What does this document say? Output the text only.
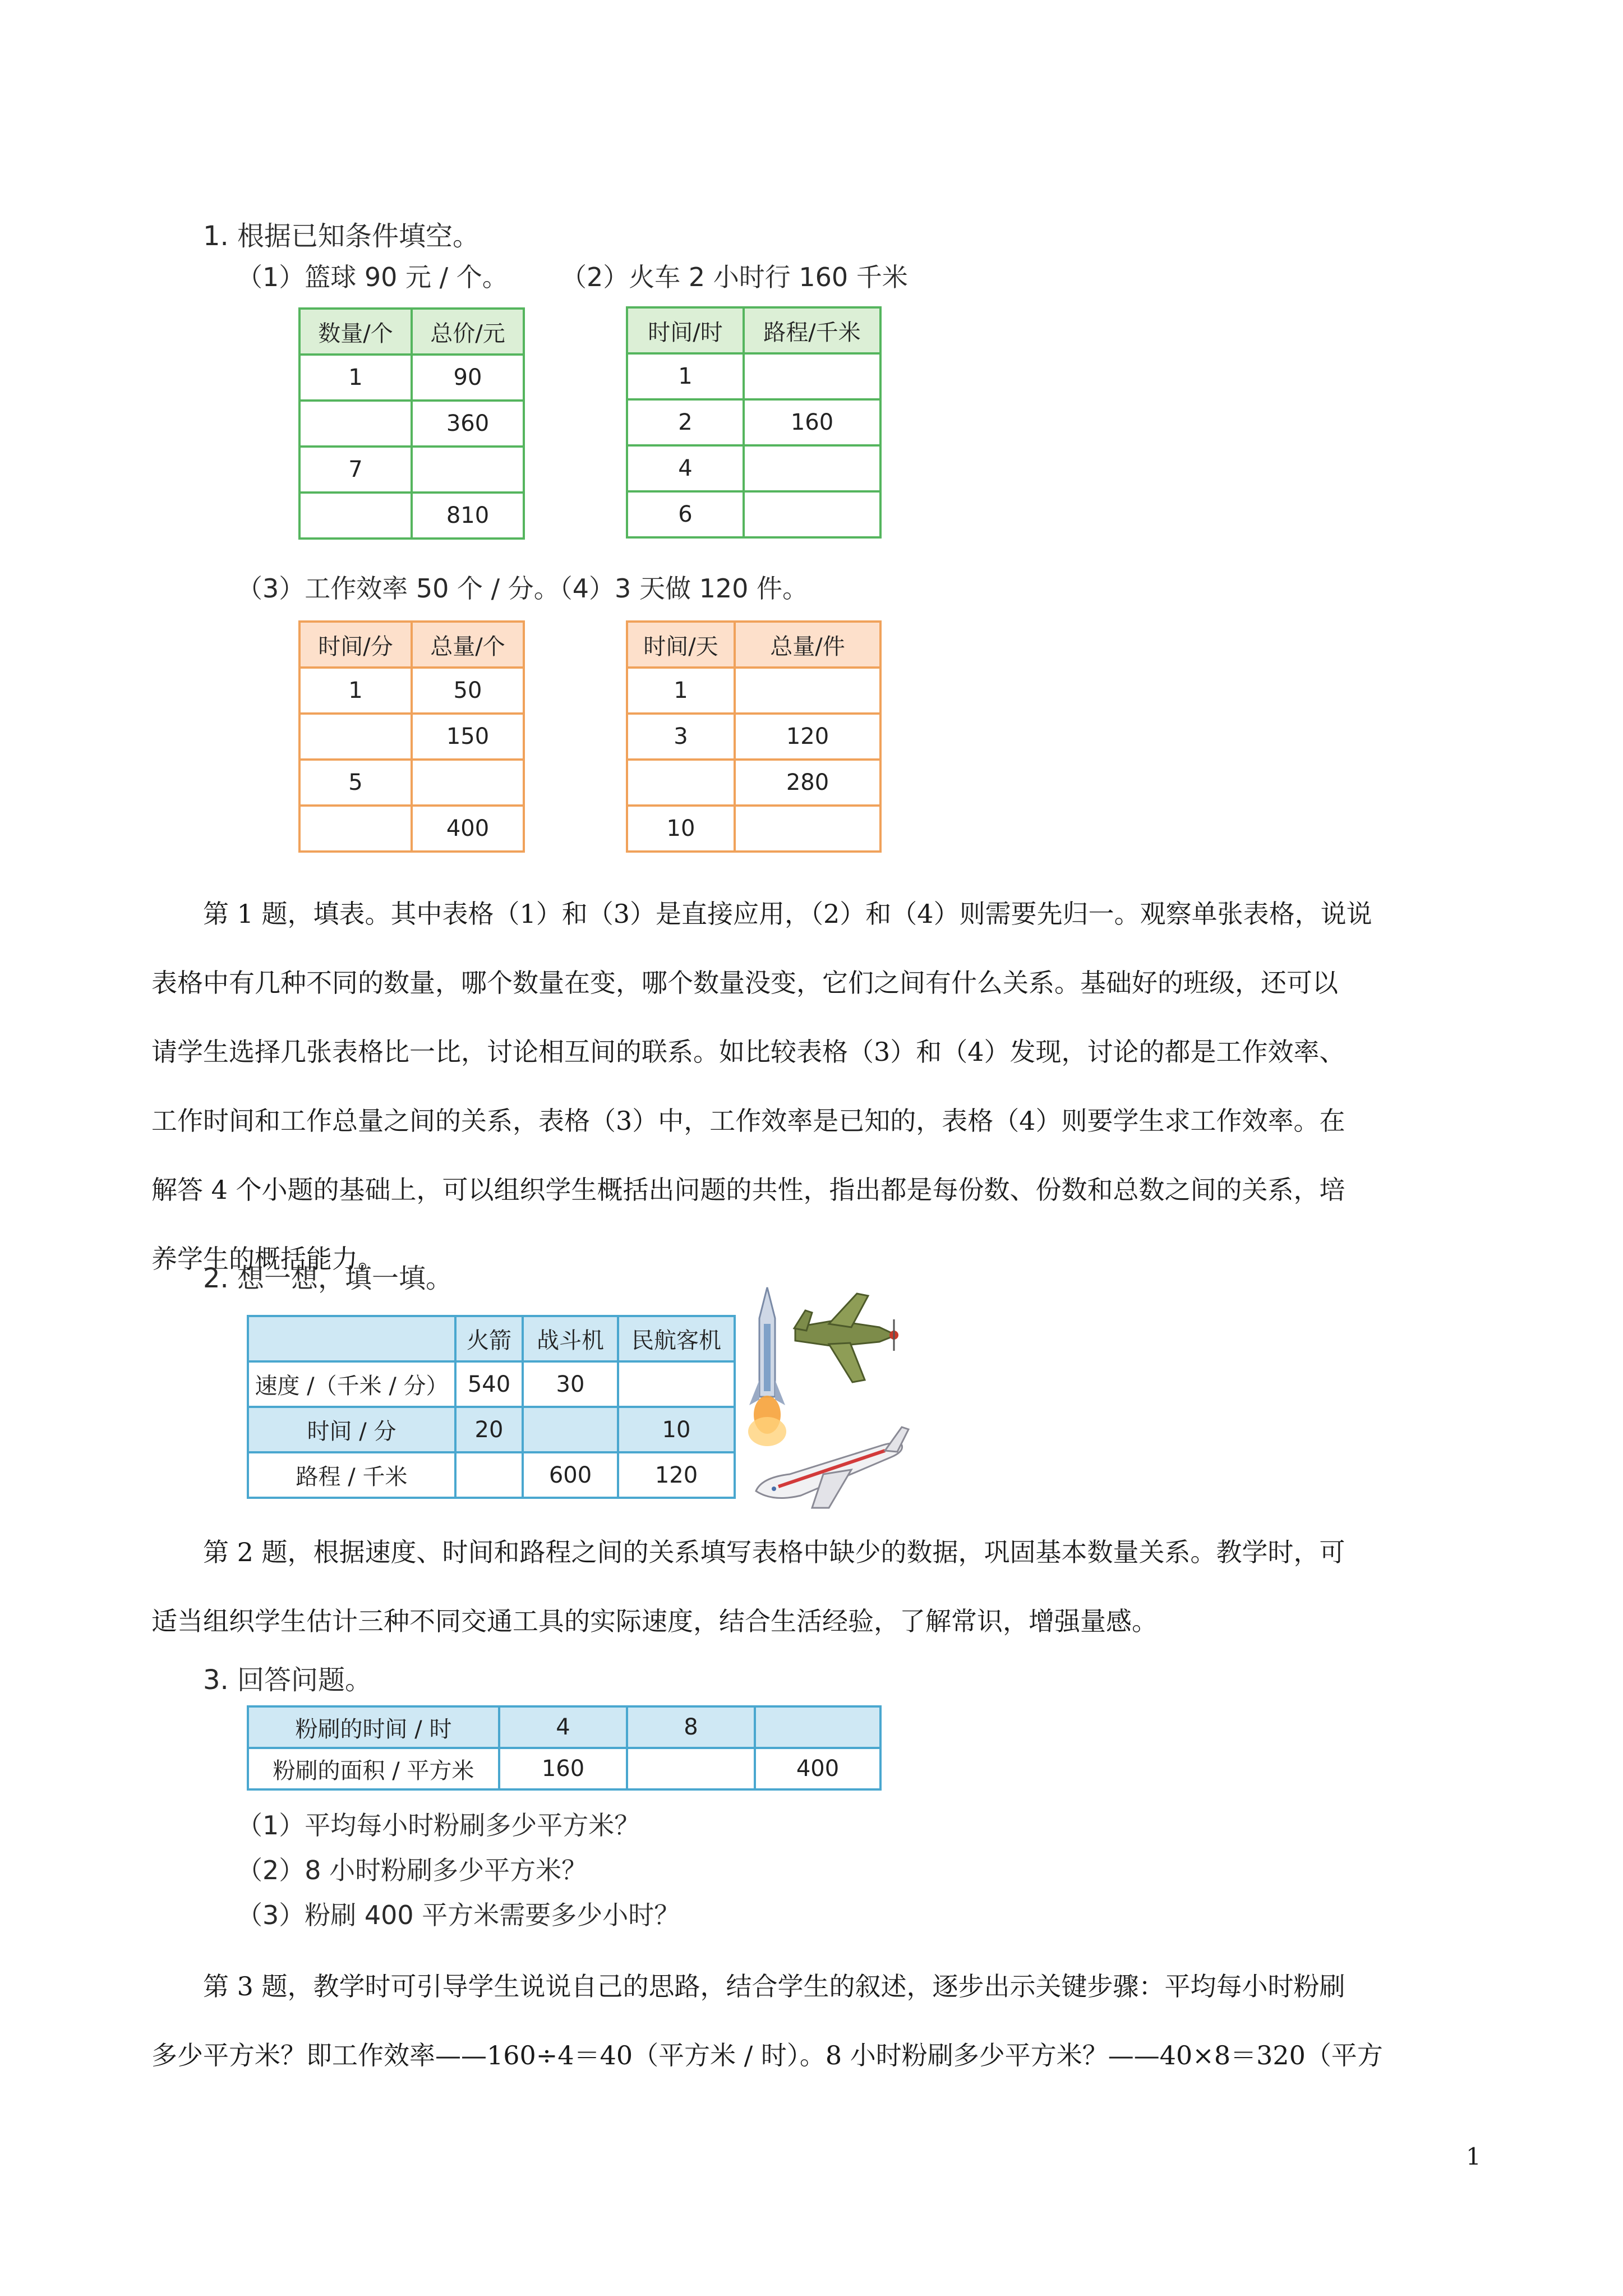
1. 根据已知条件填空。
（1）篮球 90 元 / 个。 （2）火车 2 小时行 160 千米
数量/个	总价/元
1	90
	360
7	
	810
时间/时	路程/千米
1	
2	160
4	
6	
（3）工作效率 50 个 / 分。（4）3 天做 120 件。
时间/分	总量/个
1	50
	150
5	
	400
时间/天	总量/件
1	
3	120
	280
10	

第 1 题，填表。其中表格（1）和（3）是直接应用，（2）和（4）则需要先归一。观察单张表格，说说

表格中有几种不同的数量，哪个数量在变，哪个数量没变，它们之间有什么关系。基础好的班级，还可以

请学生选择几张表格比一比，讨论相互间的联系。如比较表格（3）和（4）发现，讨论的都是工作效率、

工作时间和工作总量之间的关系，表格（3）中，工作效率是已知的，表格（4）则要学生求工作效率。在

解答 4 个小题的基础上，可以组织学生概括出问题的共性，指出都是每份数、份数和总数之间的关系，培

养学生的概括能力。

2. 想一想，填一填。
	火箭	战斗机	民航客机
速度 /（千米 / 分）	540	30	
时间 / 分	20		10
路程 / 千米		600	120

第 2 题，根据速度、时间和路程之间的关系填写表格中缺少的数据，巩固基本数量关系。教学时，可

适当组织学生估计三种不同交通工具的实际速度，结合生活经验，了解常识，增强量感。

3. 回答问题。
粉刷的时间 / 时	4	8	
粉刷的面积 / 平方米	160		400
（1）平均每小时粉刷多少平方米？
（2）8 小时粉刷多少平方米？
（3）粉刷 400 平方米需要多少小时？

第 3 题，教学时可引导学生说说自己的思路，结合学生的叙述，逐步出示关键步骤：平均每小时粉刷

多少平方米？即工作效率——160÷4＝40（平方米 / 时）。8 小时粉刷多少平方米？——40×8＝320（平方

1
